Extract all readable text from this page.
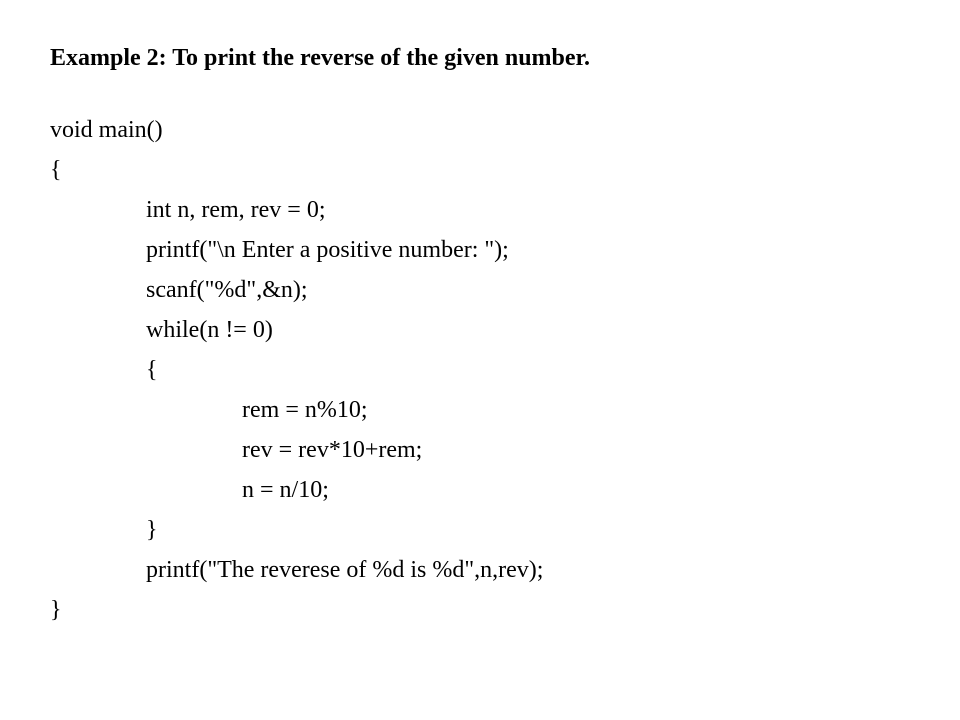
Example 2: To print the reverse of the given number.
void main()
{
int n, rem, rev = 0;
printf("\n Enter a positive number: ");
scanf("%d",&n);
while(n != 0)
{
rem = n%10;
rev = rev*10+rem;
n = n/10;
}
printf("The reverese of %d is %d",n,rev);
}
